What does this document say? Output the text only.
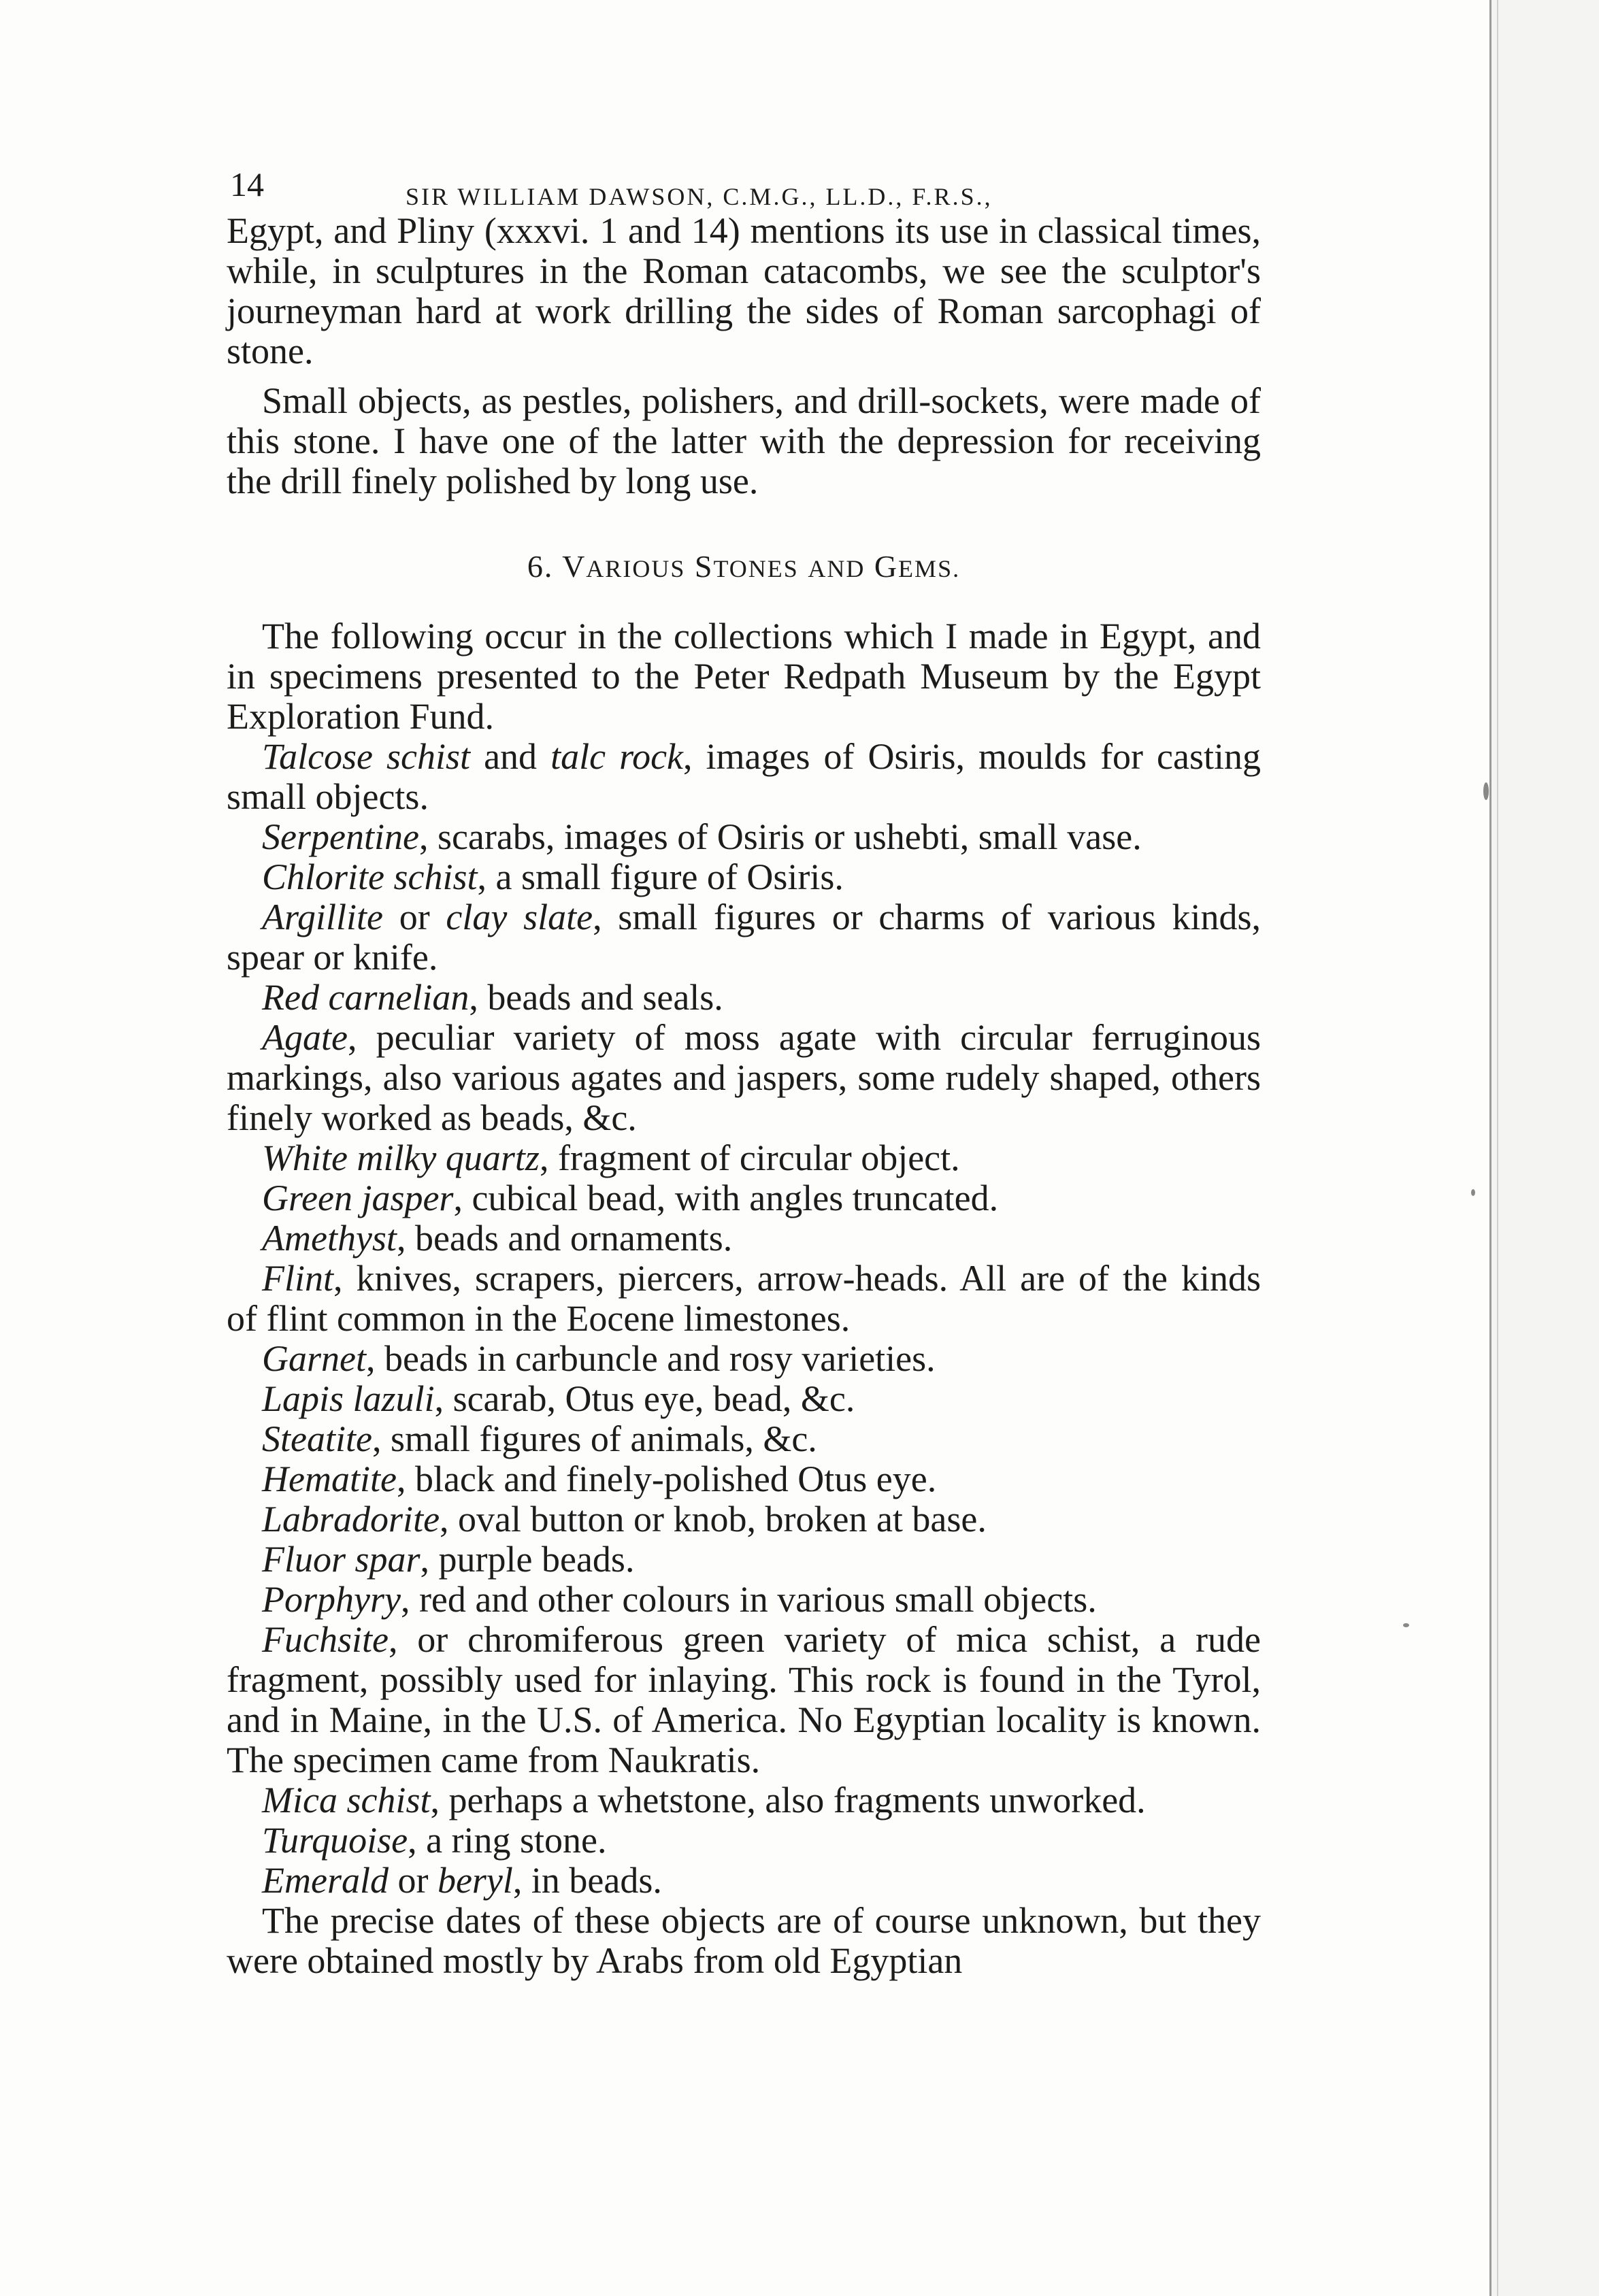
14	SIR WILLIAM DAWSON, C.M.G., LL.D., F.R.S.,

Egypt, and Pliny (xxxvi. 1 and 14) mentions its use in classical times, while, in sculptures in the Roman catacombs, we see the sculptor's journeyman hard at work drilling the sides of Roman sarcophagi of stone.

Small objects, as pestles, polishers, and drill-sockets, were made of this stone. I have one of the latter with the depression for receiving the drill finely polished by long use.

6. VARIOUS STONES AND GEMS.

The following occur in the collections which I made in Egypt, and in specimens presented to the Peter Redpath Museum by the Egypt Exploration Fund.

Talcose schist and talc rock, images of Osiris, moulds for casting small objects.

Serpentine, scarabs, images of Osiris or ushebti, small vase.

Chlorite schist, a small figure of Osiris.

Argillite or clay slate, small figures or charms of various kinds, spear or knife.

Red carnelian, beads and seals.

Agate, peculiar variety of moss agate with circular ferruginous markings, also various agates and jaspers, some rudely shaped, others finely worked as beads, &c.

White milky quartz, fragment of circular object.

Green jasper, cubical bead, with angles truncated.

Amethyst, beads and ornaments.

Flint, knives, scrapers, piercers, arrow-heads. All are of the kinds of flint common in the Eocene limestones.

Garnet, beads in carbuncle and rosy varieties.

Lapis lazuli, scarab, Otus eye, bead, &c.

Steatite, small figures of animals, &c.

Hematite, black and finely-polished Otus eye.

Labradorite, oval button or knob, broken at base.

Fluor spar, purple beads.

Porphyry, red and other colours in various small objects.

Fuchsite, or chromiferous green variety of mica schist, a rude fragment, possibly used for inlaying. This rock is found in the Tyrol, and in Maine, in the U.S. of America. No Egyptian locality is known. The specimen came from Naukratis.

Mica schist, perhaps a whetstone, also fragments unworked.

Turquoise, a ring stone.

Emerald or beryl, in beads.

The precise dates of these objects are of course unknown, but they were obtained mostly by Arabs from old Egyptian
